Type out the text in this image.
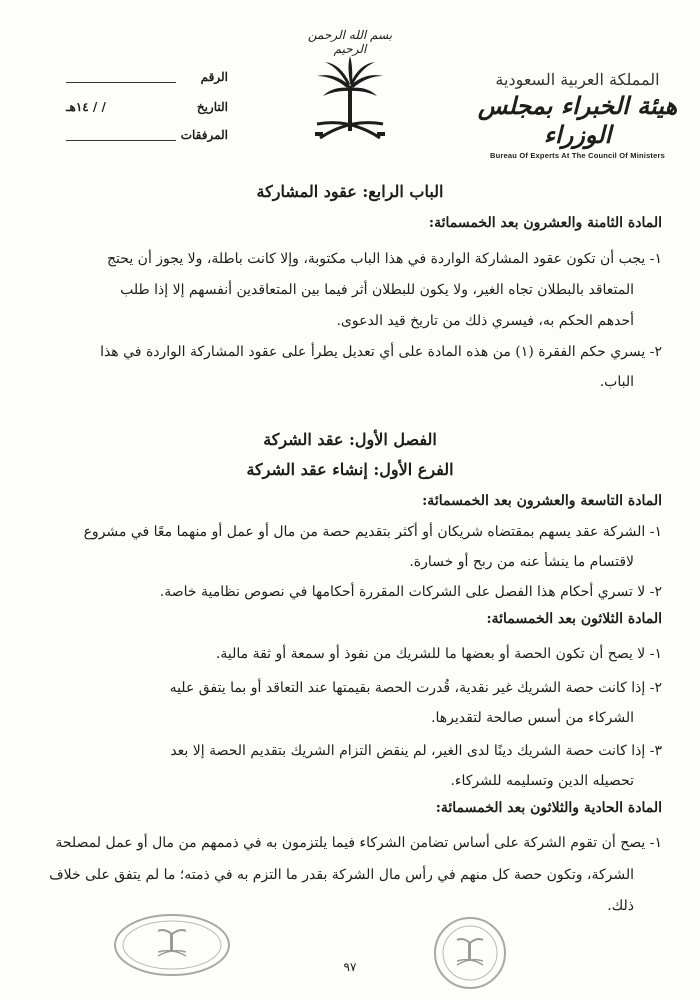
الرقم
التاريخ/ / ١٤هـ
المرفقات
بسم الله الرحمن الرحيم
المملكة العربية السعودية
هيئة الخبراء بمجلس الوزراء
Bureau Of Experts At The Council Of Ministers
الباب الرابع: عقود المشاركة
المادة الثامنة والعشرون بعد الخمسمائة:
١- يجب أن تكون عقود المشاركة الواردة في هذا الباب مكتوبة، وإلا كانت باطلة، ولا يجوز أن يحتج
المتعاقد بالبطلان تجاه الغير، ولا يكون للبطلان أثر فيما بين المتعاقدين أنفسهم إلا إذا طلب
أحدهم الحكم به، فيسري ذلك من تاريخ قيد الدعوى.
٢- يسري حكم الفقرة (١) من هذه المادة على أي تعديل يطرأ على عقود المشاركة الواردة في هذا
الباب.
الفصل الأول: عقد الشركة
الفرع الأول: إنشاء عقد الشركة
المادة التاسعة والعشرون بعد الخمسمائة:
١- الشركة عقد يسهم بمقتضاه شريكان أو أكثر بتقديم حصة من مال أو عمل أو منهما معًا في مشروع
لاقتسام ما ينشأ عنه من ربح أو خسارة.
٢- لا تسري أحكام هذا الفصل على الشركات المقررة أحكامها في نصوص نظامية خاصة.
المادة الثلاثون بعد الخمسمائة:
١- لا يصح أن تكون الحصة أو بعضها ما للشريك من نفوذ أو سمعة أو ثقة مالية.
٢- إذا كانت حصة الشريك غير نقدية، قُدرت الحصة بقيمتها عند التعاقد أو بما يتفق عليه
الشركاء من أسس صالحة لتقديرها.
٣- إذا كانت حصة الشريك دينًا لدى الغير، لم ينقض التزام الشريك بتقديم الحصة إلا بعد
تحصيله الدين وتسليمه للشركاء.
المادة الحادية والثلاثون بعد الخمسمائة:
١- يصح أن تقوم الشركة على أساس تضامن الشركاء فيما يلتزمون به في ذممهم من مال أو عمل لمصلحة
الشركة، وتكون حصة كل منهم في رأس مال الشركة بقدر ما التزم به في ذمته؛ ما لم يتفق على خلاف
ذلك.
٩٧
